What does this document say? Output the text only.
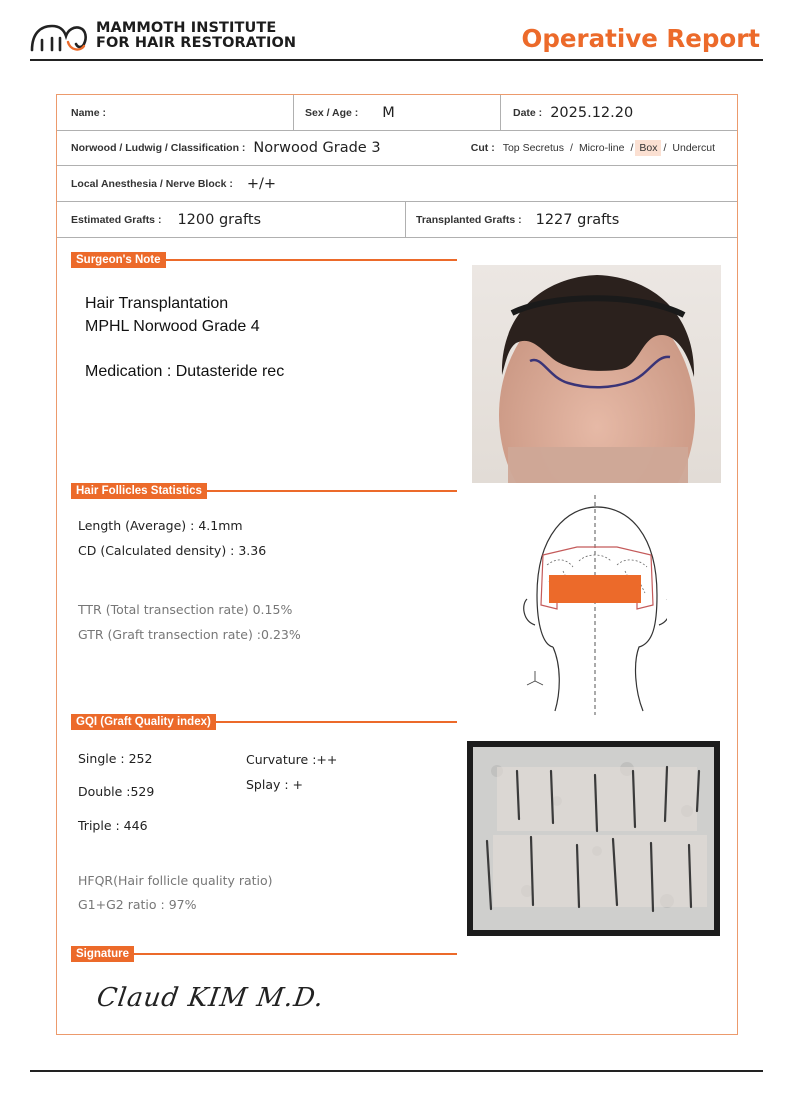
MAMMOTH INSTITUTE
FOR HAIR RESTORATION	Operative Report
Name :	Sex / Age : M	Date : 2025.12.20
Norwood / Ludwig / Classification : Norwood Grade 3	Cut : Top Secretus / Micro-line / Box / Undercut
Local Anesthesia / Nerve Block : +/+
Estimated Grafts : 1200 grafts	Transplanted Grafts : 1227 grafts
Surgeon's Note
Hair Transplantation
MPHL Norwood Grade 4
Medication : Dutasteride rec
Hair Follicles Statistics
Length (Average) : 4.1mm
CD (Calculated density) : 3.36
TTR (Total transection rate) 0.15%
GTR (Graft transection rate) :0.23%
GQI (Graft Quality index)
Single : 252
Double :529
Triple : 446
Curvature :++
Splay : +
HFQR(Hair follicle quality ratio)
G1+G2 ratio : 97%
Signature
Claud KIM M.D.
